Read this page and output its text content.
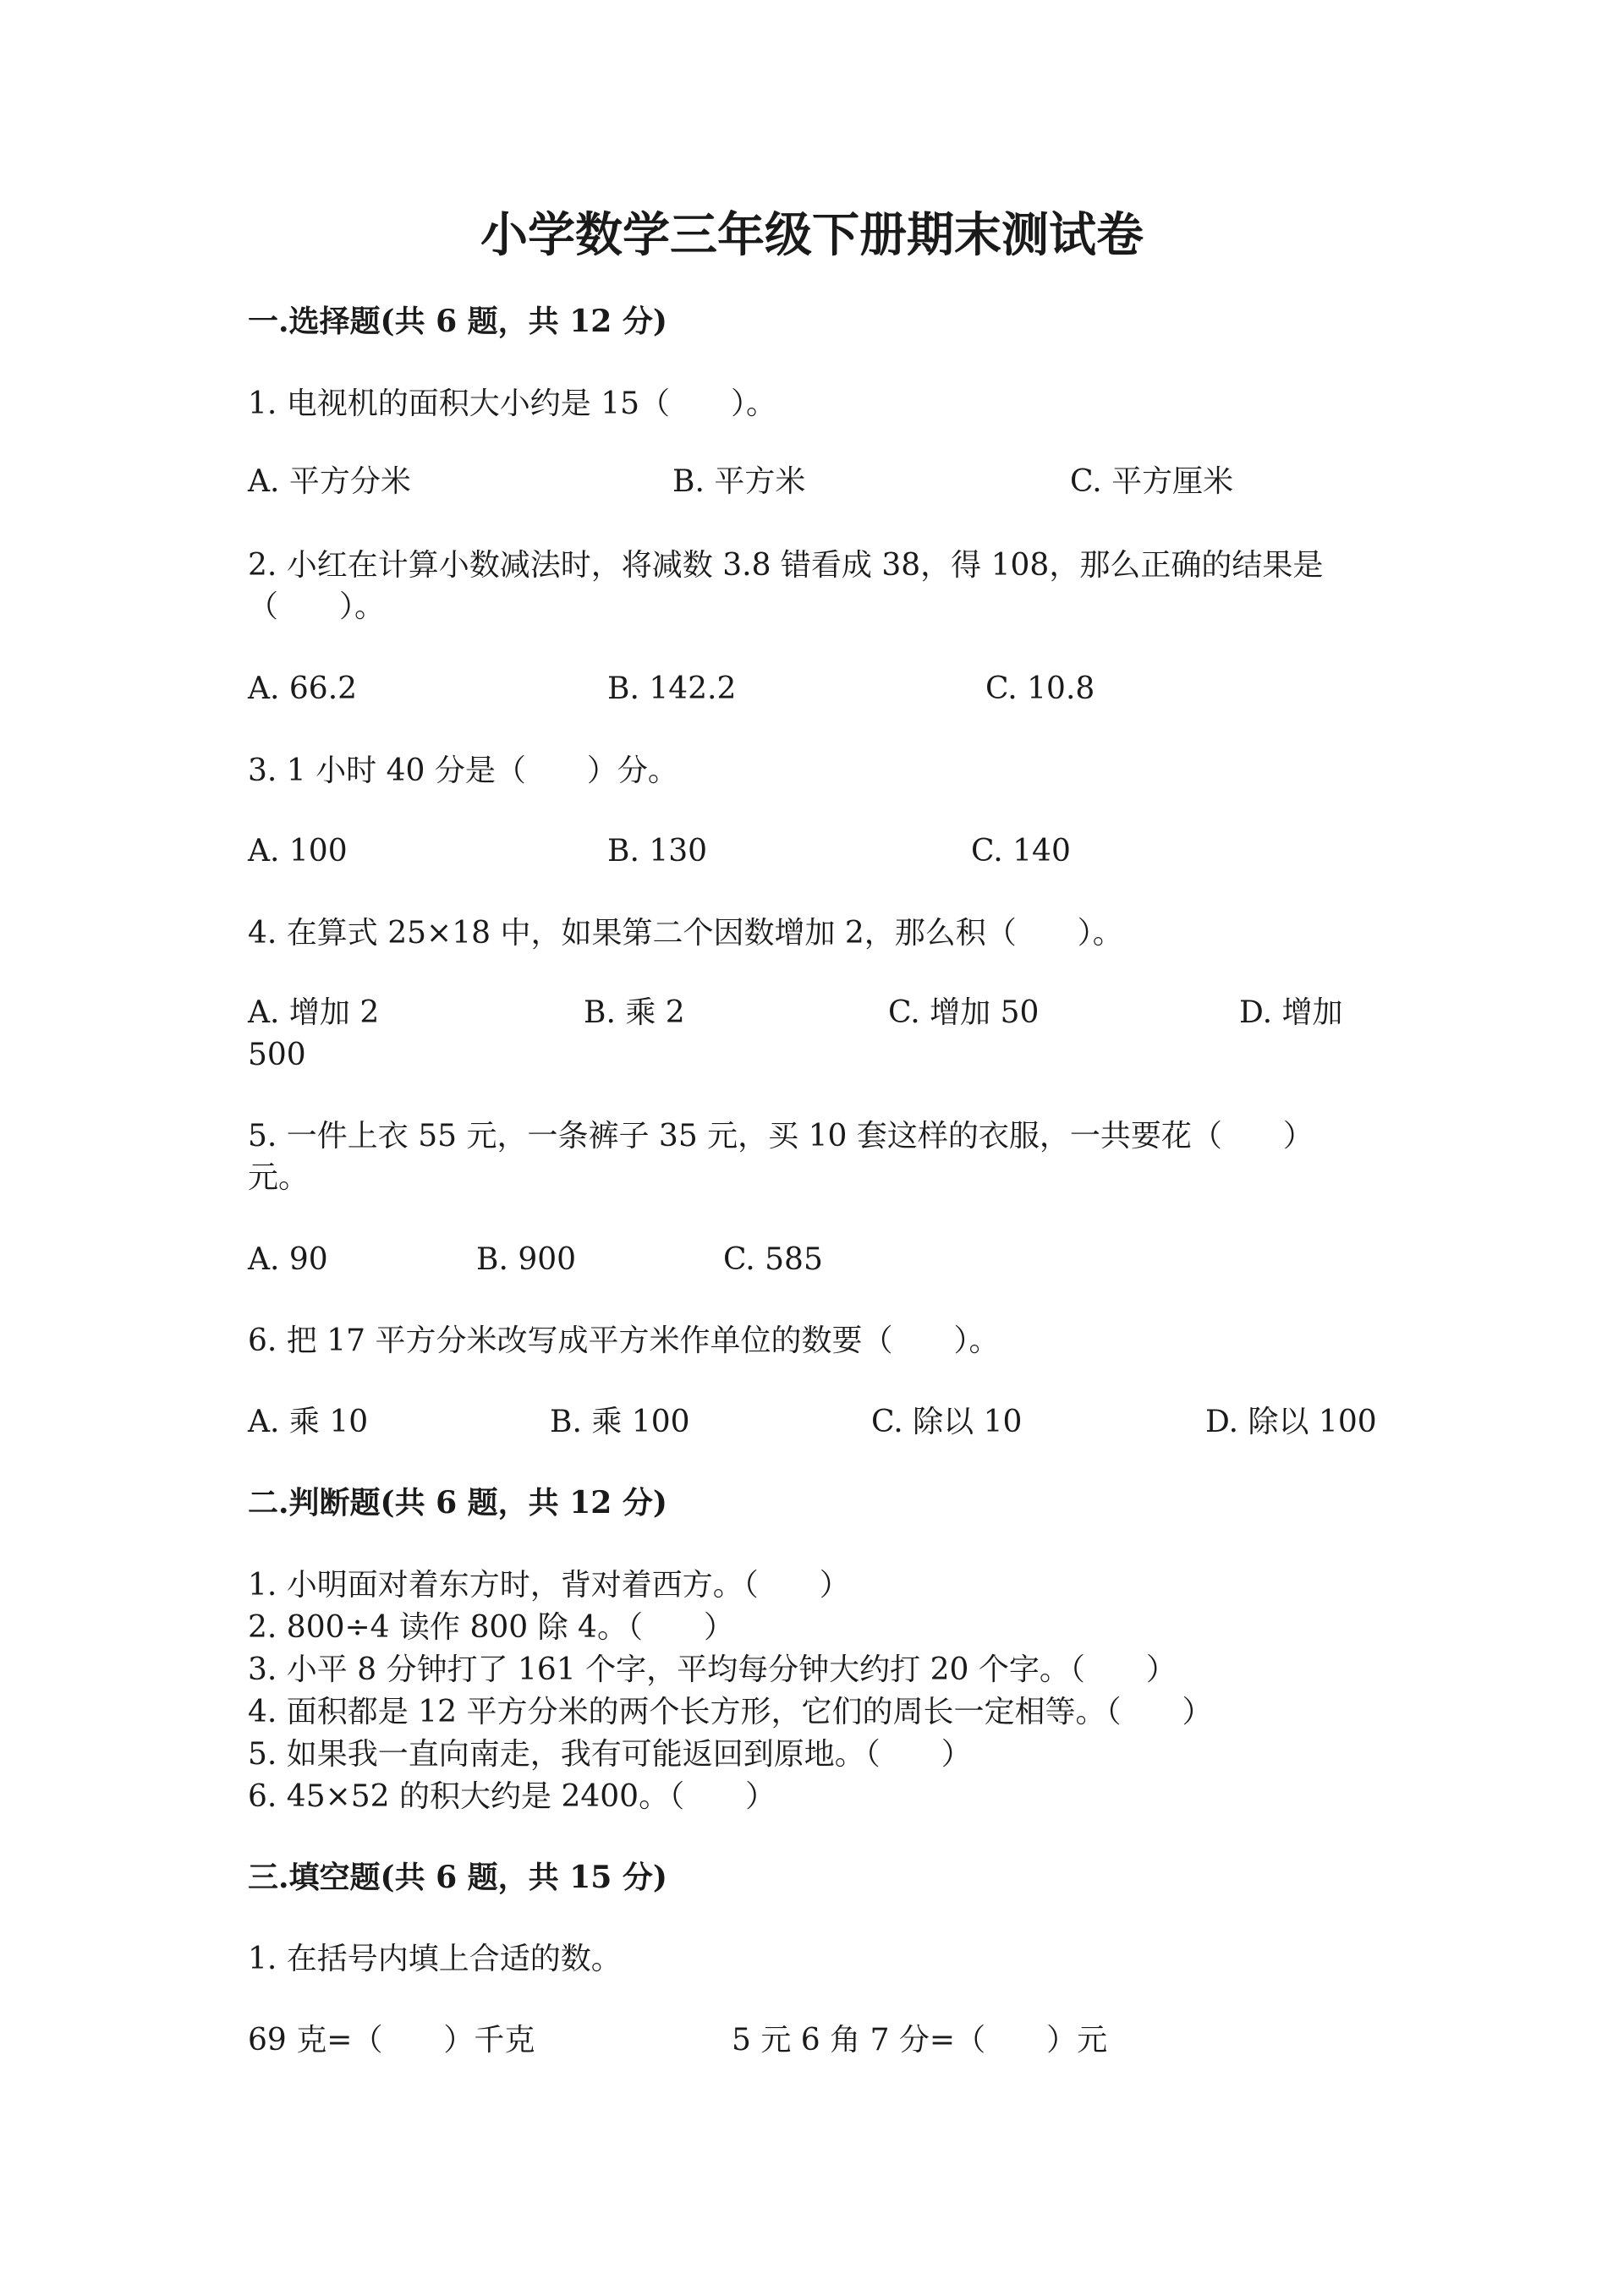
小学数学三年级下册期末测试卷
一.选择题(共 6 题，共 12 分)
1. 电视机的面积大小约是 15（　　）。
A. 平方分米	B. 平方米	C. 平方厘米
2. 小红在计算小数减法时，将减数 3.8 错看成 38，得 108，那么正确的结果是
（　　）。
A. 66.2	B. 142.2	C. 10.8
3. 1 小时 40 分是（　　）分。
A. 100	B. 130	C. 140
4. 在算式 25×18 中，如果第二个因数增加 2，那么积（　　）。
A. 增加 2	B. 乘 2	C. 增加 50	D. 增加
500
5. 一件上衣 55 元，一条裤子 35 元，买 10 套这样的衣服，一共要花（　　）
元。
A. 90	B. 900	C. 585
6. 把 17 平方分米改写成平方米作单位的数要（　　）。
A. 乘 10	B. 乘 100	C. 除以 10	D. 除以 100
二.判断题(共 6 题，共 12 分)
1. 小明面对着东方时，背对着西方。（　　）
2. 800÷4 读作 800 除 4。（　　）
3. 小平 8 分钟打了 161 个字，平均每分钟大约打 20 个字。（　　）
4. 面积都是 12 平方分米的两个长方形，它们的周长一定相等。（　　）
5. 如果我一直向南走，我有可能返回到原地。（　　）
6. 45×52 的积大约是 2400。（　　）
三.填空题(共 6 题，共 15 分)
1. 在括号内填上合适的数。
69 克=（　　）千克	5 元 6 角 7 分=（　　）元
